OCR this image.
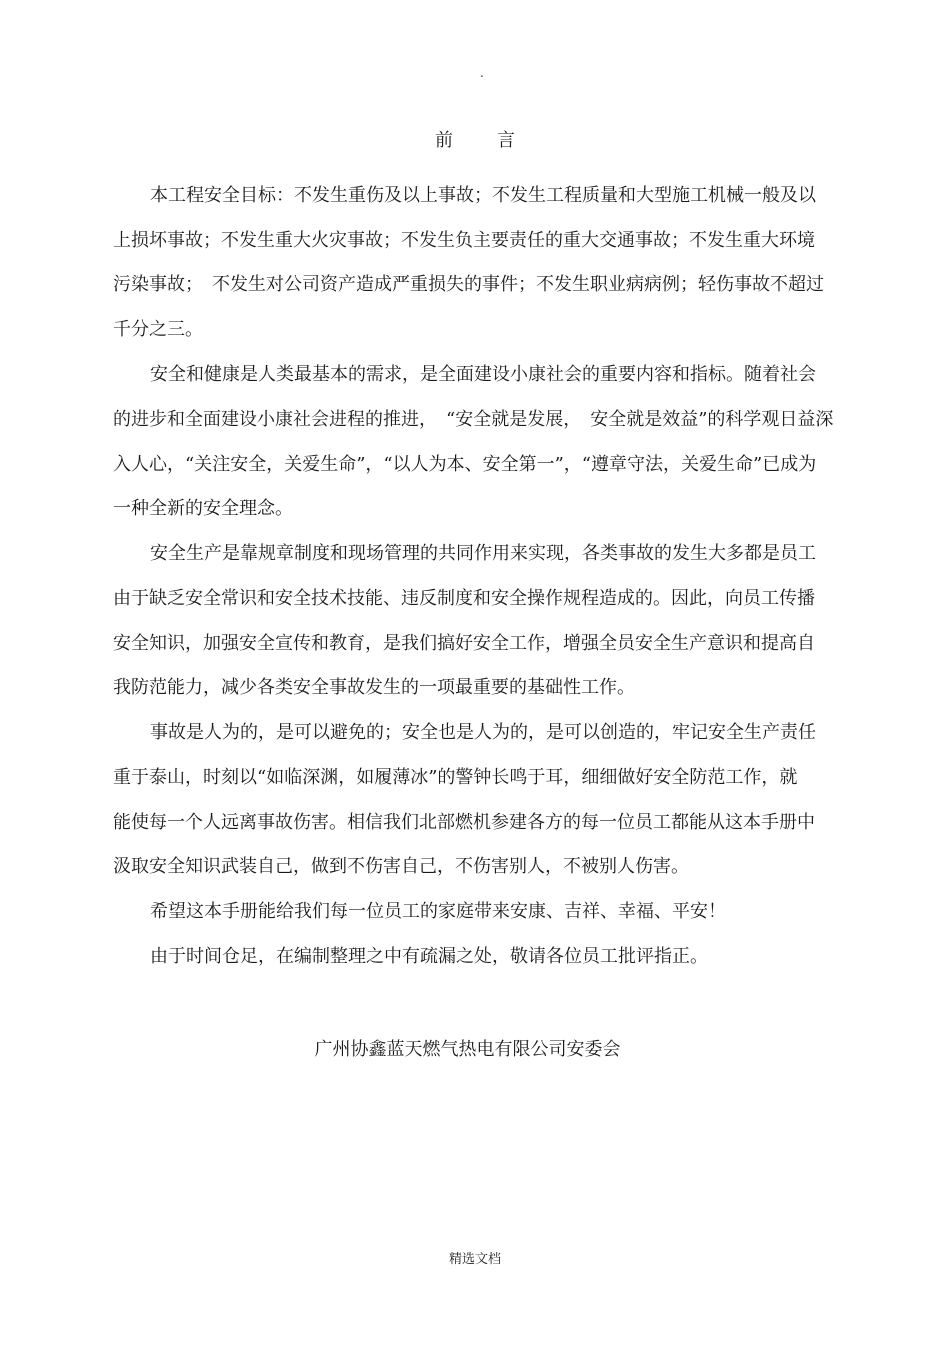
.
前 言
本工程安全目标：不发生重伤及以上事故；不发生工程质量和大型施工机械一般及以
上损坏事故；不发生重大火灾事故；不发生负主要责任的重大交通事故；不发生重大环境
污染事故；　不发生对公司资产造成严重损失的事件；不发生职业病病例；轻伤事故不超过
千分之三。
安全和健康是人类最基本的需求，是全面建设小康社会的重要内容和指标。随着社会
的进步和全面建设小康社会进程的推进，　“安全就是发展，　安全就是效益”的科学观日益深
入人心，“关注安全，关爱生命”，“以人为本、安全第一”，“遵章守法，关爱生命”已成为
一种全新的安全理念。
安全生产是靠规章制度和现场管理的共同作用来实现，各类事故的发生大多都是员工
由于缺乏安全常识和安全技术技能、违反制度和安全操作规程造成的。因此，向员工传播
安全知识，加强安全宣传和教育，是我们搞好安全工作，增强全员安全生产意识和提高自
我防范能力，减少各类安全事故发生的一项最重要的基础性工作。
事故是人为的，是可以避免的；安全也是人为的，是可以创造的，牢记安全生产责任
重于泰山，时刻以“如临深渊，如履薄冰”的警钟长鸣于耳，细细做好安全防范工作，就
能使每一个人远离事故伤害。相信我们北部燃机参建各方的每一位员工都能从这本手册中
汲取安全知识武装自己，做到不伤害自己，不伤害别人，不被别人伤害。
希望这本手册能给我们每一位员工的家庭带来安康、吉祥、幸福、平安！
由于时间仓足，在编制整理之中有疏漏之处，敬请各位员工批评指正。
广州协鑫蓝天燃气热电有限公司安委会
精选文档
